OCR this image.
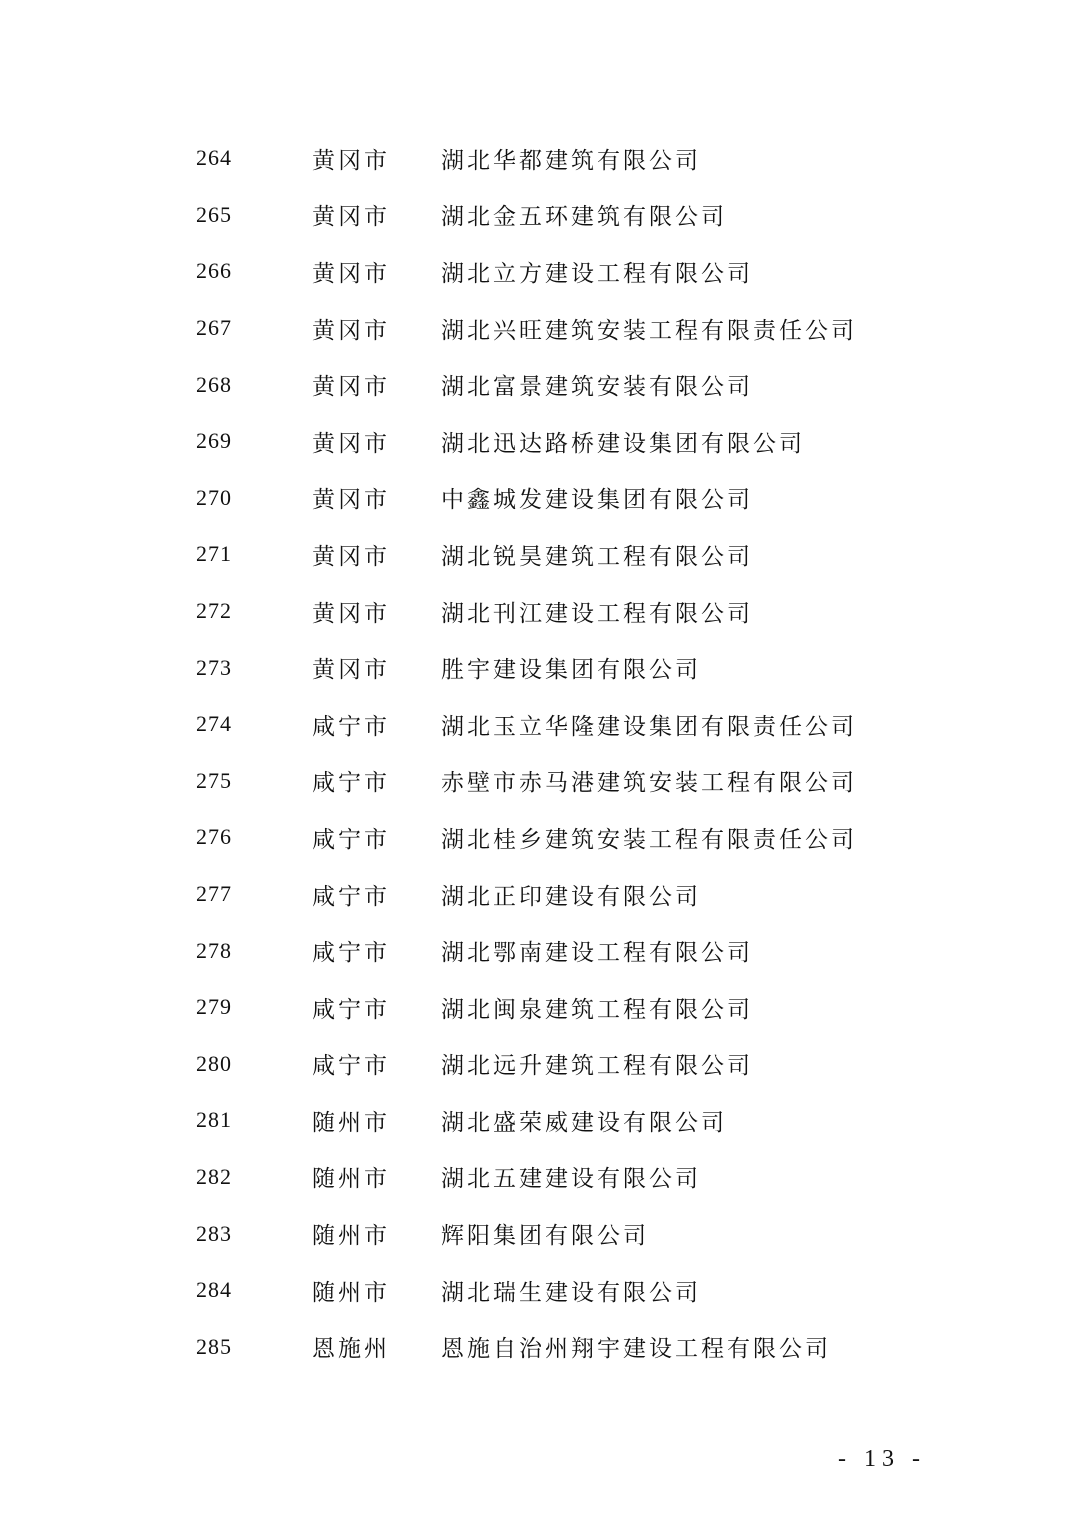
264	黄冈市 湖北华都建筑有限公司
265	黄冈市 湖北金五环建筑有限公司
266	黄冈市 湖北立方建设工程有限公司
267	黄冈市 湖北兴旺建筑安装工程有限责任公司
268	黄冈市 湖北富景建筑安装有限公司
269	黄冈市 湖北迅达路桥建设集团有限公司
270	黄冈市 中鑫城发建设集团有限公司
271	黄冈市 湖北锐昊建筑工程有限公司
272	黄冈市 湖北刊江建设工程有限公司
273	黄冈市 胜宇建设集团有限公司
274	咸宁市 湖北玉立华隆建设集团有限责任公司
275	咸宁市 赤壁市赤马港建筑安装工程有限公司
276	咸宁市 湖北桂乡建筑安装工程有限责任公司
277	咸宁市 湖北正印建设有限公司
278	咸宁市 湖北鄂南建设工程有限公司
279	咸宁市 湖北闽泉建筑工程有限公司
280	咸宁市 湖北远升建筑工程有限公司
281	随州市 湖北盛荣威建设有限公司
282	随州市 湖北五建建设有限公司
283	随州市 辉阳集团有限公司
284	随州市 湖北瑞生建设有限公司
285	恩施州 恩施自治州翔宇建设工程有限公司
- 13 -
